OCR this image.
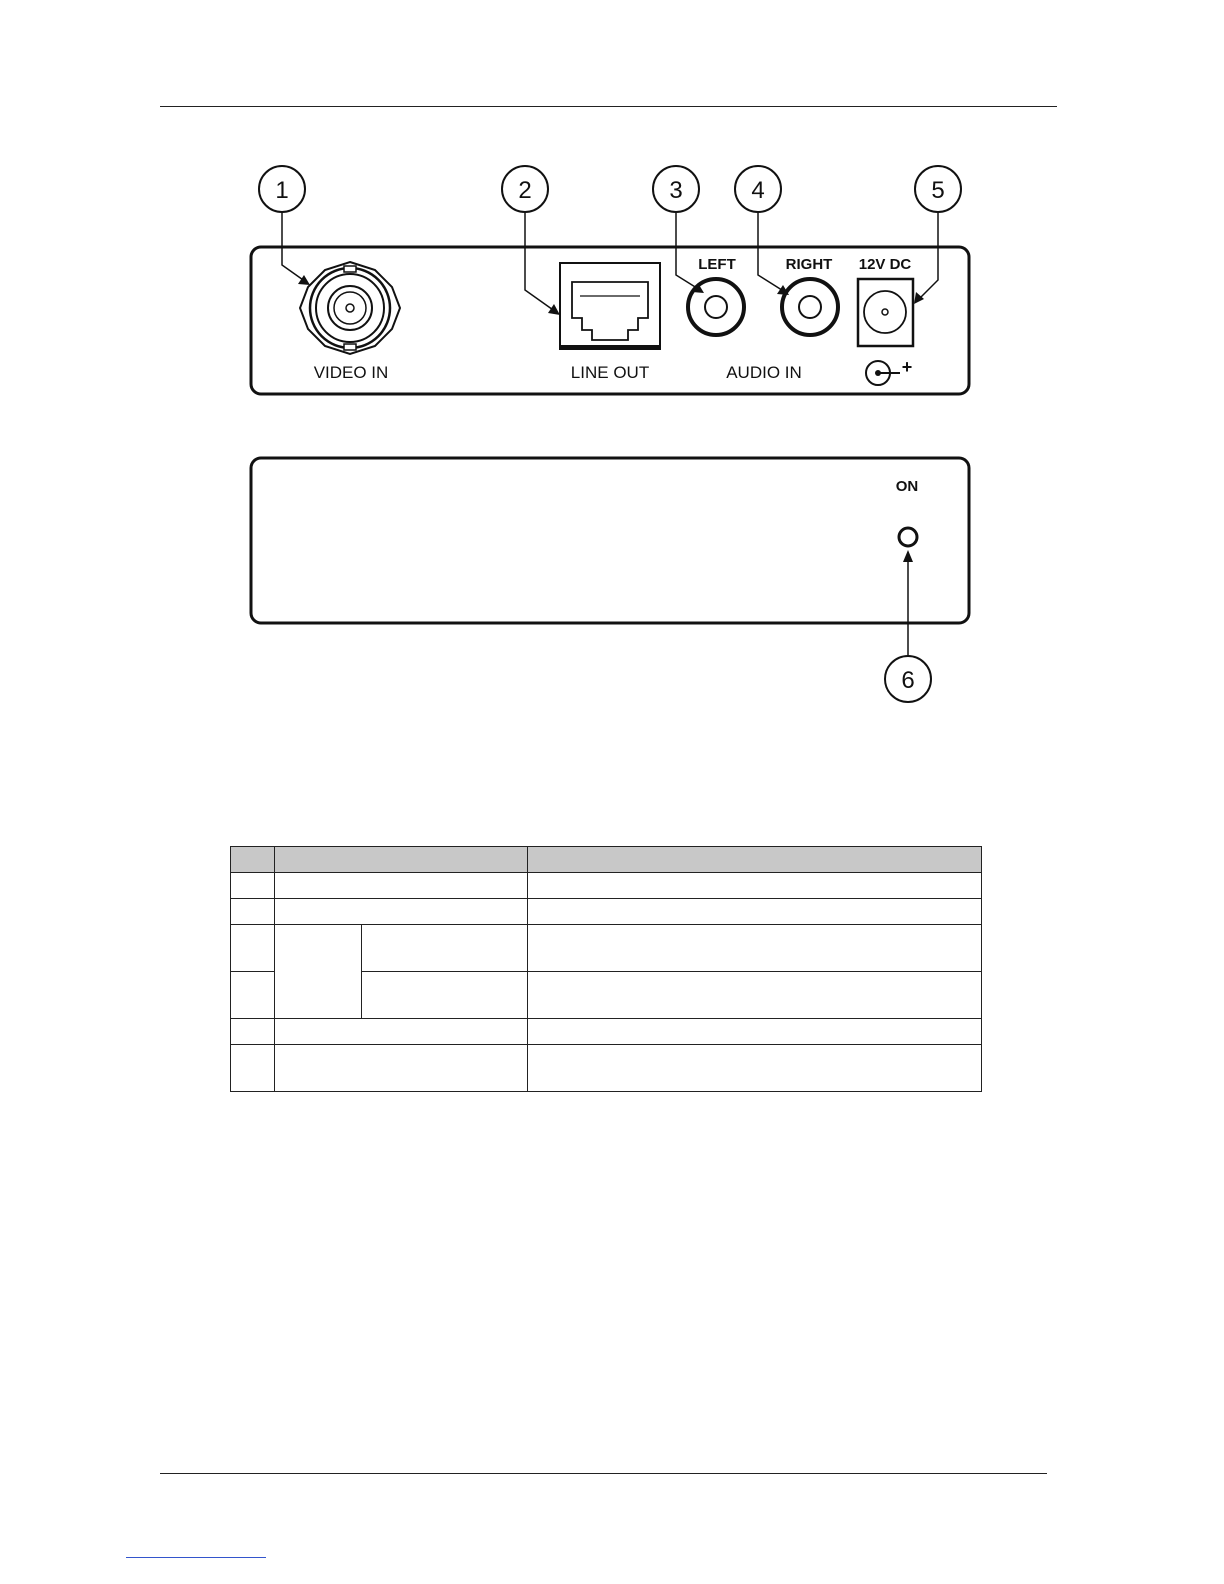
VIDEO IN	LINE OUT
LEFT	RIGHT
AUDIO IN
12V DC
+
ON
1	2	3	4	5
6
